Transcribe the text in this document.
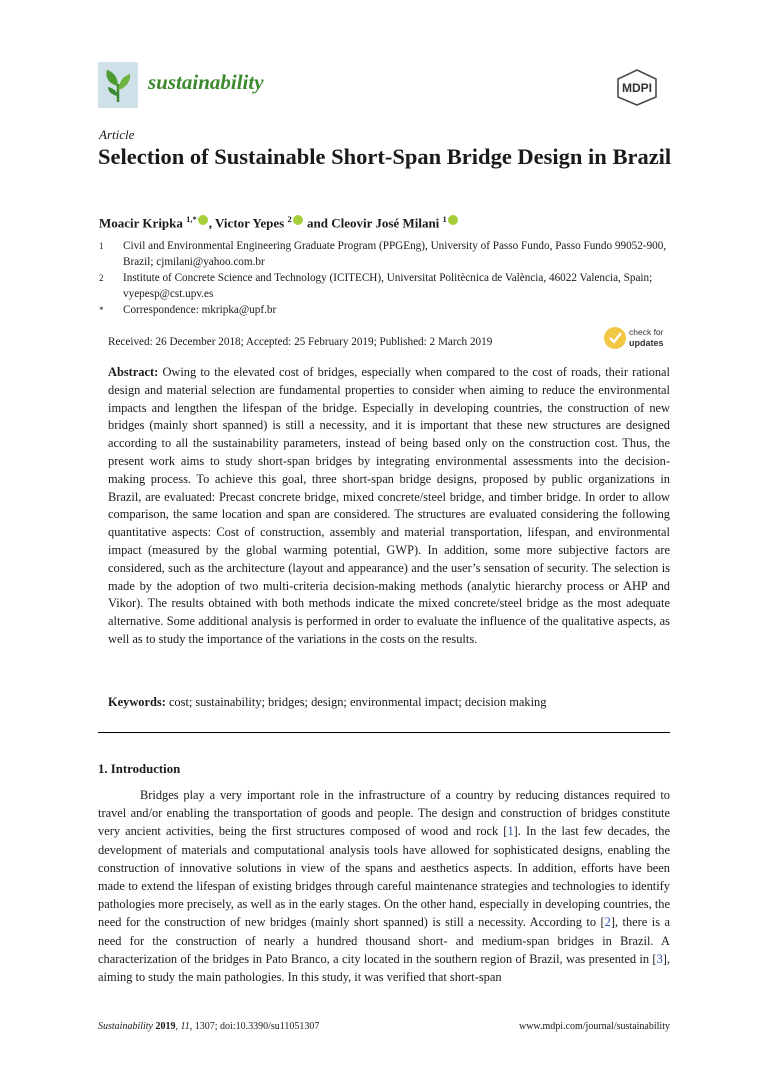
sustainability	MDPI
Article
Selection of Sustainable Short-Span Bridge Design in Brazil
Moacir Kripka $^{1,*}$ , Victor Yepes $^2$ and Cleovir José Milani $^1$
1 Civil and Environmental Engineering Graduate Program (PPGEng), University of Passo Fundo, Passo Fundo 99052-900, Brazil; cjmilani@yahoo.com.br
2 Institute of Concrete Science and Technology (ICITECH), Universitat Politècnica de València, 46022 Valencia, Spain; vyepesp@cst.upv.es
* Correspondence: mkripka@upf.br
Received: 26 December 2018; Accepted: 25 February 2019; Published: 2 March 2019
check for
updates
Abstract: Owing to the elevated cost of bridges, especially when compared to the cost of roads, their rational design and material selection are fundamental properties to consider when aiming to reduce the environmental impacts and lengthen the lifespan of the bridge. Especially in developing countries, the construction of new bridges (mainly short spanned) is still a necessity, and it is important that these new structures are designed according to all the sustainability parameters, instead of being based only on the construction cost. Thus, the present work aims to study short-span bridges by integrating environmental assessments into the decision-making process. To achieve this goal, three short-span bridge designs, proposed by public organizations in Brazil, are evaluated: Precast concrete bridge, mixed concrete/steel bridge, and timber bridge. In order to allow comparison, the same location and span are considered. The structures are evaluated considering the following quantitative aspects: Cost of construction, assembly and material transportation, lifespan, and environmental impact (measured by the global warming potential, GWP). In addition, some more subjective factors are considered, such as the architecture (layout and appearance) and the user’s sensation of security. The selection is made by the adoption of two multi-criteria decision-making methods (analytic hierarchy process or AHP and Vikor). The results obtained with both methods indicate the mixed concrete/steel bridge as the most adequate alternative. Some additional analysis is performed in order to evaluate the influence of the qualitative aspects, as well as to study the importance of the variations in the costs on the results.
Keywords: cost; sustainability; bridges; design; environmental impact; decision making
1. Introduction
Bridges play a very important role in the infrastructure of a country by reducing distances required to travel and/or enabling the transportation of goods and people. The design and construction of bridges constitute very ancient activities, being the first structures composed of wood and rock [1]. In the last few decades, the development of materials and computational analysis tools have allowed for sophisticated designs, enabling the construction of innovative solutions in view of the spans and aesthetics aspects. In addition, efforts have been made to extend the lifespan of existing bridges through careful maintenance strategies and technologies to identify pathologies more precisely, as well as in the early stages. On the other hand, especially in developing countries, the need for the construction of new bridges (mainly short spanned) is still a necessity. According to [2], there is a need for the construction of nearly a hundred thousand short- and medium-span bridges in Brazil. A characterization of the bridges in Pato Branco, a city located in the southern region of Brazil, was presented in [3], aiming to study the main pathologies. In this study, it was verified that short-span
Sustainability 2019, 11, 1307; doi:10.3390/su11051307	www.mdpi.com/journal/sustainability
